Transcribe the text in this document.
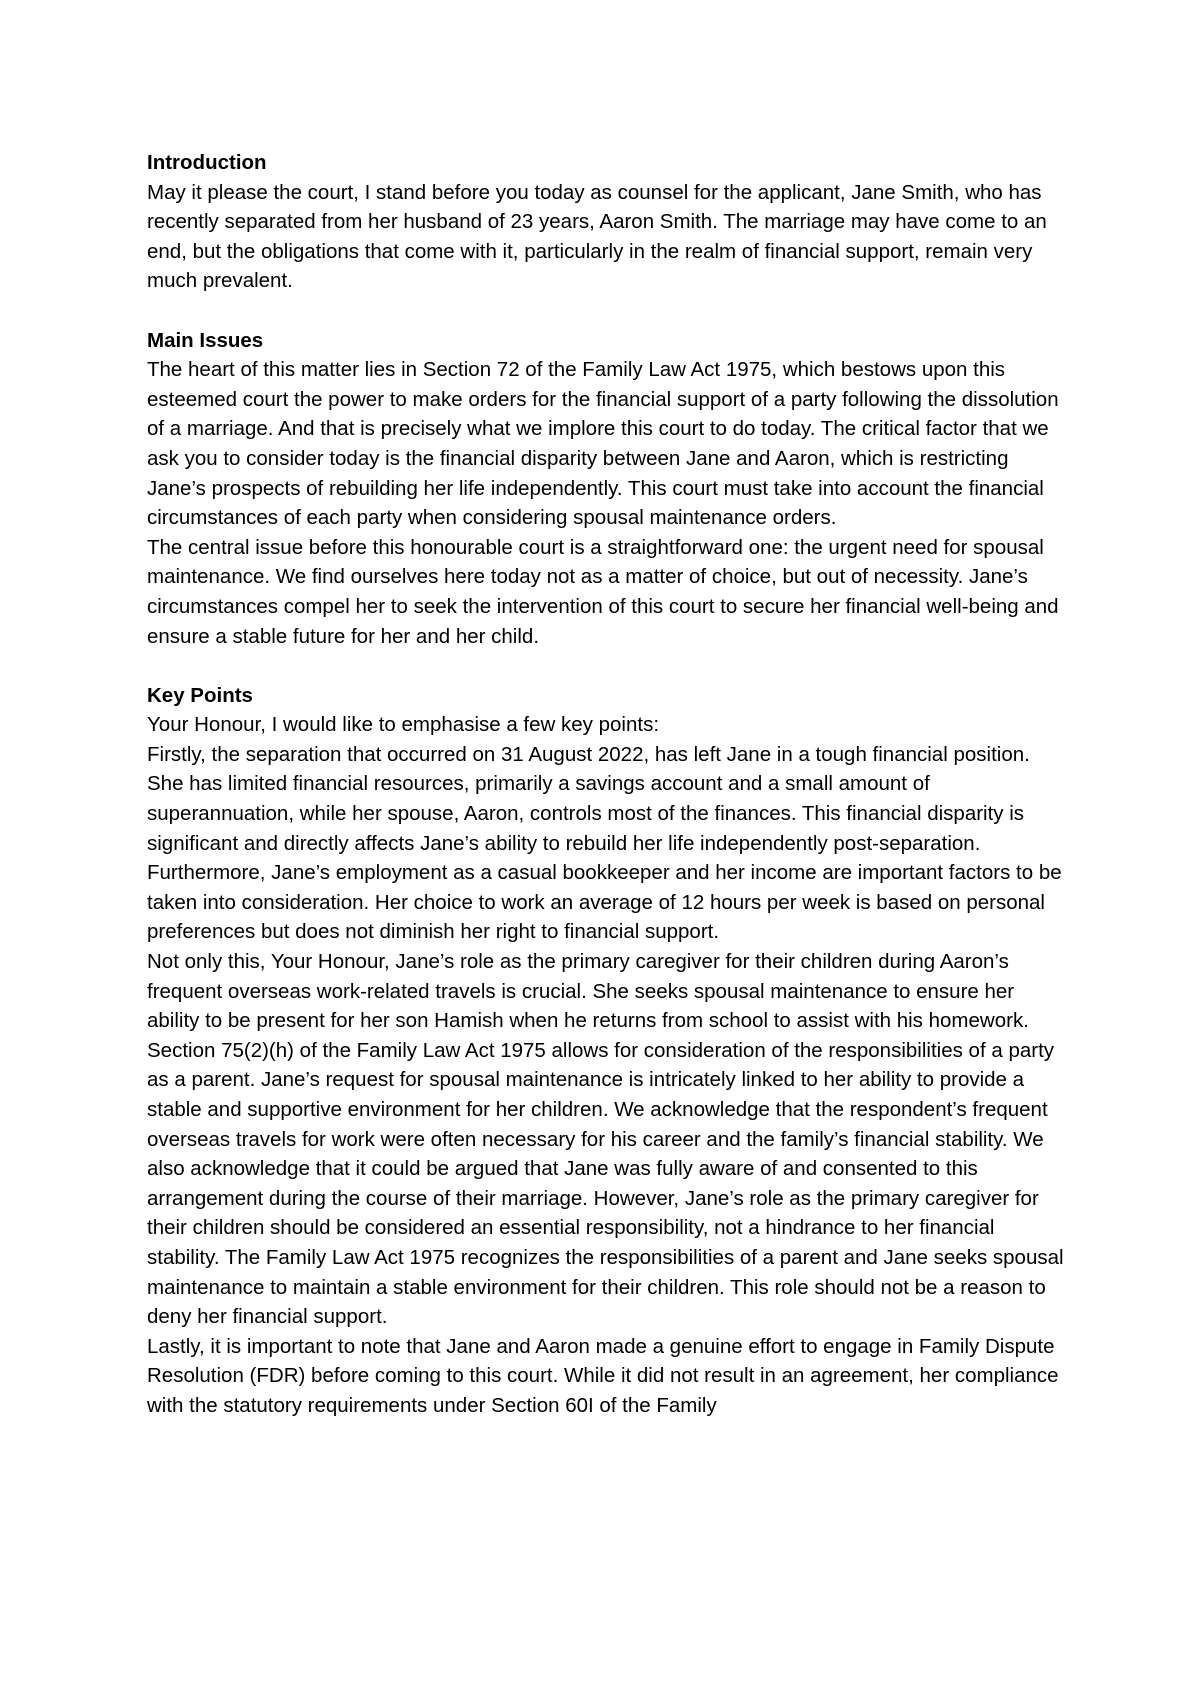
Introduction

May it please the court, I stand before you today as counsel for the applicant, Jane Smith, who has recently separated from her husband of 23 years, Aaron Smith. The marriage may have come to an end, but the obligations that come with it, particularly in the realm of financial support, remain very much prevalent.

Main Issues

The heart of this matter lies in Section 72 of the Family Law Act 1975, which bestows upon this esteemed court the power to make orders for the financial support of a party following the dissolution of a marriage. And that is precisely what we implore this court to do today. The critical factor that we ask you to consider today is the financial disparity between Jane and Aaron, which is restricting Jane’s prospects of rebuilding her life independently. This court must take into account the financial circumstances of each party when considering spousal maintenance orders.

The central issue before this honourable court is a straightforward one: the urgent need for spousal maintenance. We find ourselves here today not as a matter of choice, but out of necessity. Jane’s circumstances compel her to seek the intervention of this court to secure her financial well-being and ensure a stable future for her and her child.

Key Points

Your Honour, I would like to emphasise a few key points:

Firstly, the separation that occurred on 31 August 2022, has left Jane in a tough financial position. She has limited financial resources, primarily a savings account and a small amount of superannuation, while her spouse, Aaron, controls most of the finances. This financial disparity is significant and directly affects Jane’s ability to rebuild her life independently post-separation.

Furthermore, Jane’s employment as a casual bookkeeper and her income are important factors to be taken into consideration. Her choice to work an average of 12 hours per week is based on personal preferences but does not diminish her right to financial support.

Not only this, Your Honour, Jane’s role as the primary caregiver for their children during Aaron’s frequent overseas work-related travels is crucial. She seeks spousal maintenance to ensure her ability to be present for her son Hamish when he returns from school to assist with his homework. Section 75(2)(h) of the Family Law Act 1975 allows for consideration of the responsibilities of a party as a parent. Jane’s request for spousal maintenance is intricately linked to her ability to provide a stable and supportive environment for her children. We acknowledge that the respondent’s frequent overseas travels for work were often necessary for his career and the family’s financial stability. We also acknowledge that it could be argued that Jane was fully aware of and consented to this arrangement during the course of their marriage. However, Jane’s role as the primary caregiver for their children should be considered an essential responsibility, not a hindrance to her financial stability. The Family Law Act 1975 recognizes the responsibilities of a parent and Jane seeks spousal maintenance to maintain a stable environment for their children. This role should not be a reason to deny her financial support.

Lastly, it is important to note that Jane and Aaron made a genuine effort to engage in Family Dispute Resolution (FDR) before coming to this court. While it did not result in an agreement, her compliance with the statutory requirements under Section 60I of the Family
